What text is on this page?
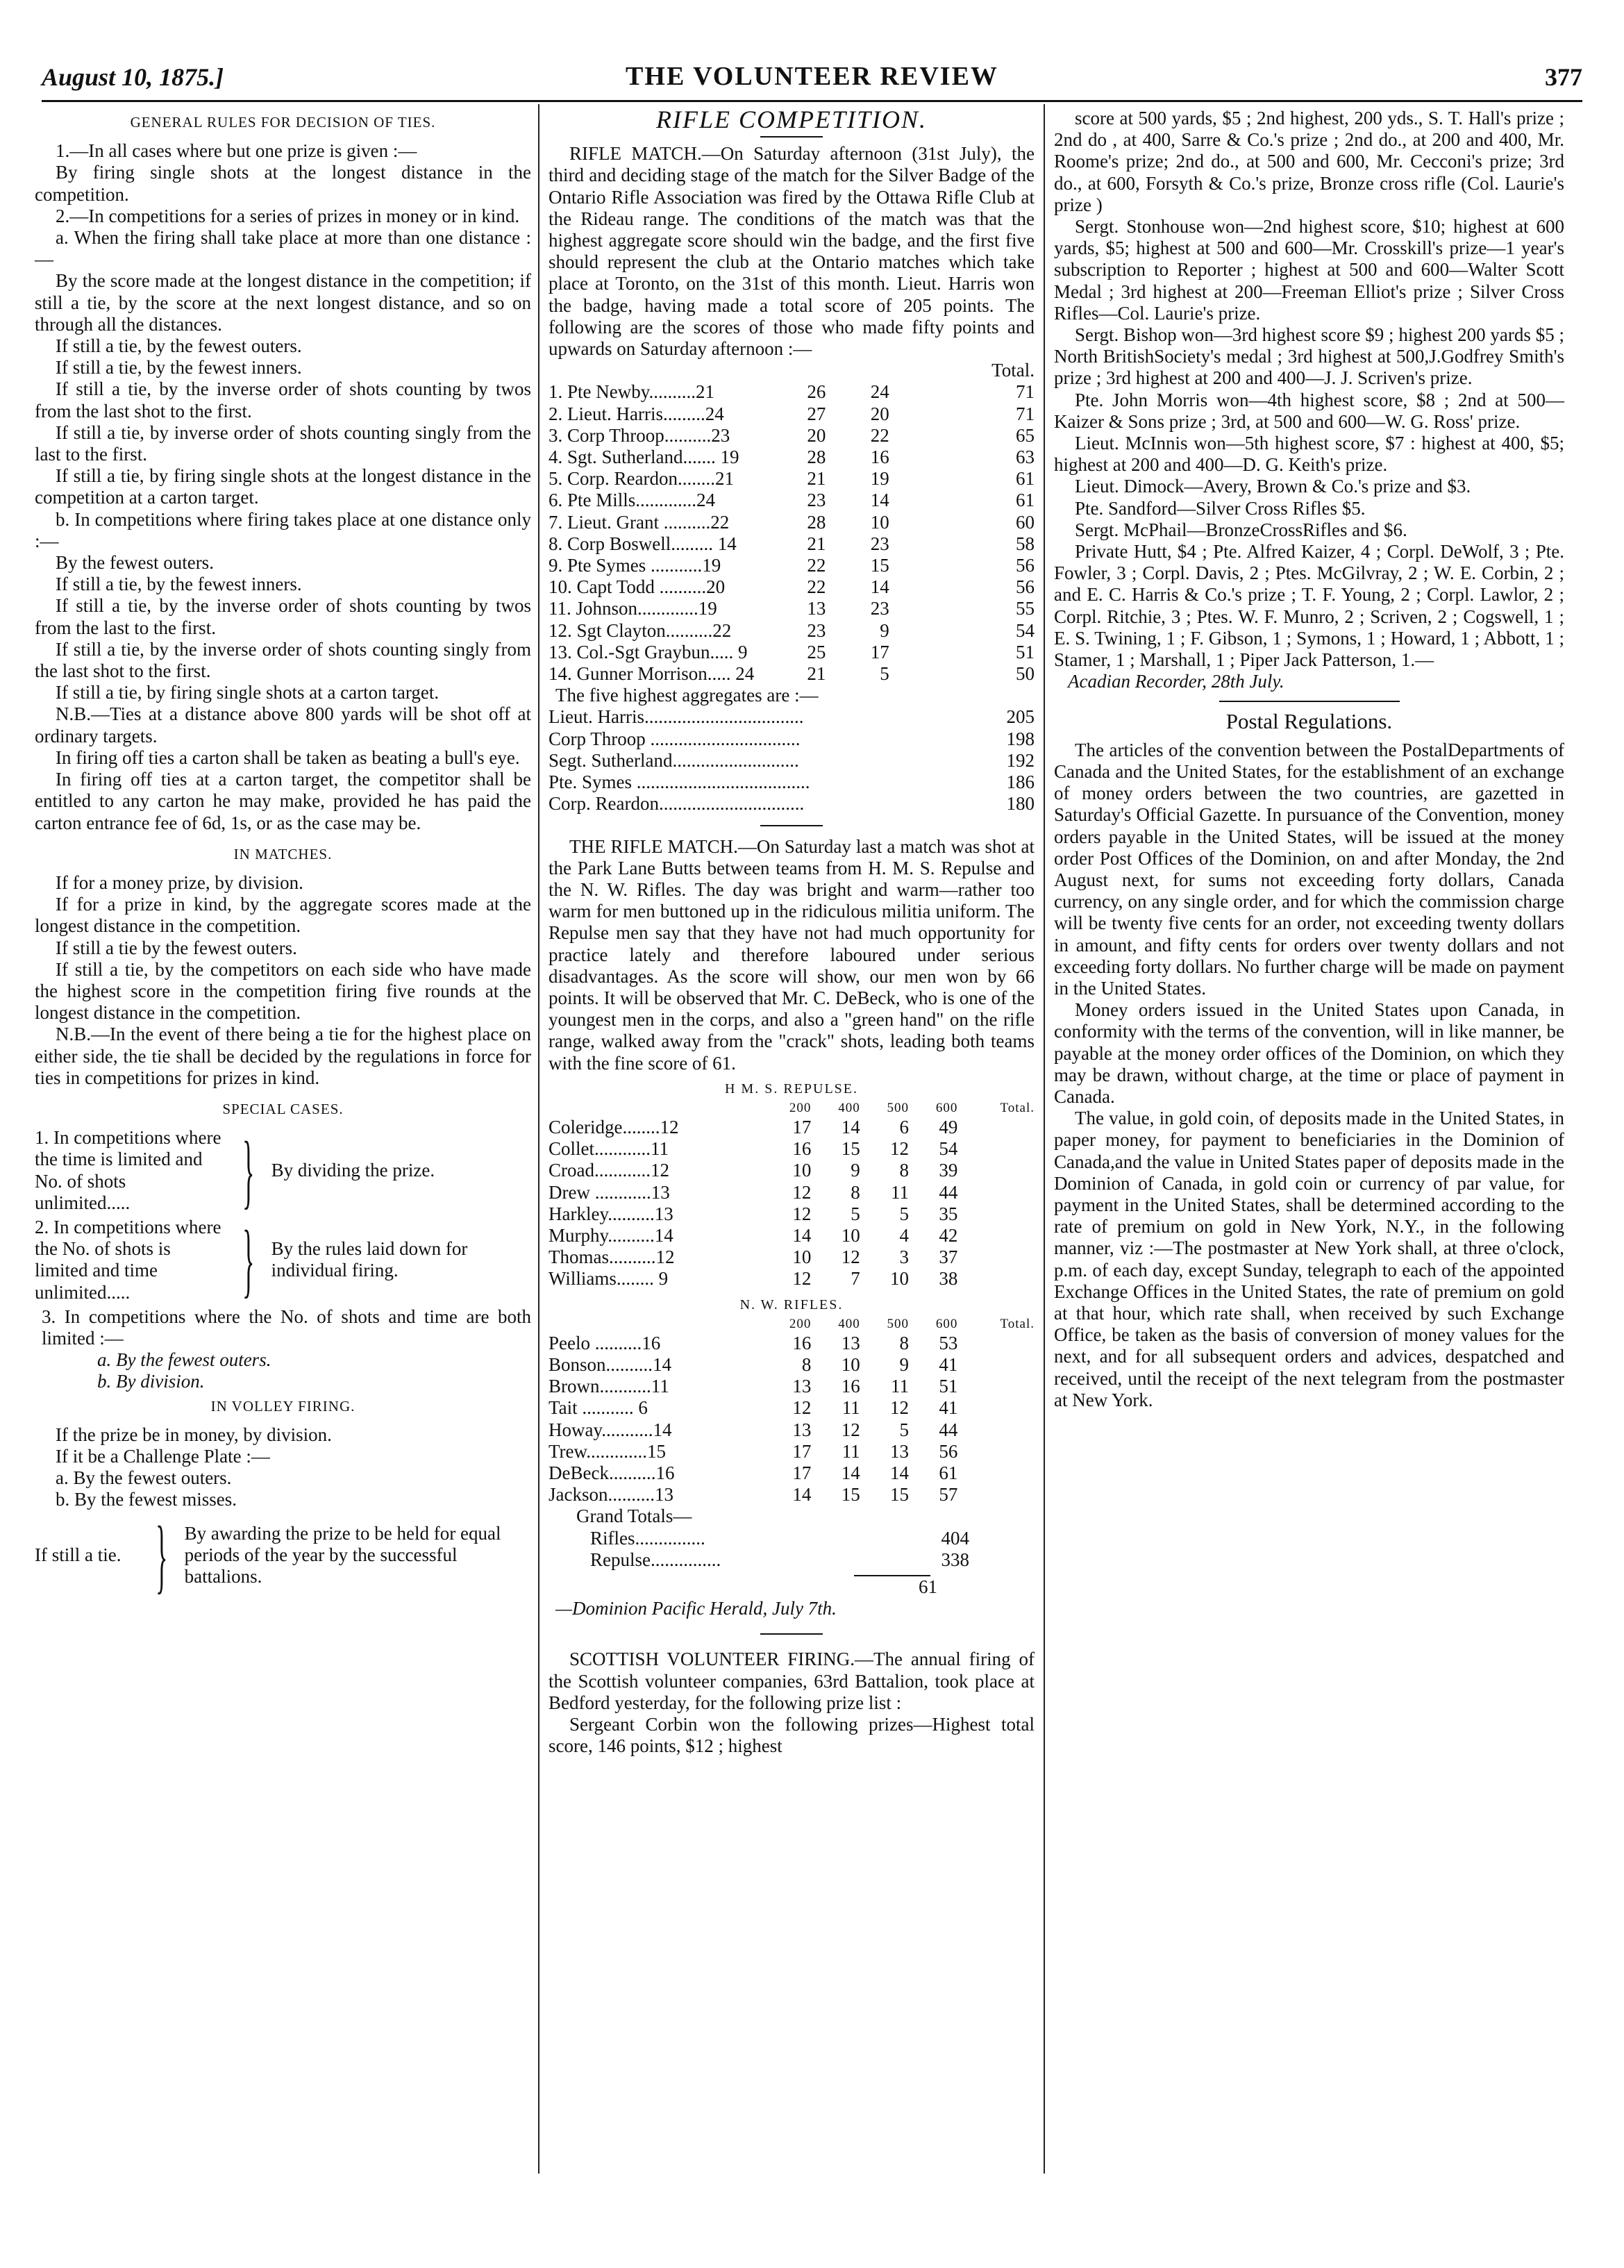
August 10, 1875.]	THE VOLUNTEER REVIEW	377

GENERAL RULES FOR DECISION OF TIES.

1.—In all cases where but one prize is given :—

By firing single shots at the longest distance in the competition.

2.—In competitions for a series of prizes in money or in kind.

a. When the firing shall take place at more than one distance :—

By the score made at the longest distance in the competition; if still a tie, by the score at the next longest distance, and so on through all the distances.

If still a tie, by the fewest outers.

If still a tie, by the fewest inners.

If still a tie, by the inverse order of shots counting by twos from the last shot to the first.

If still a tie, by inverse order of shots counting singly from the last to the first.

If still a tie, by firing single shots at the longest distance in the competition at a carton target.

b. In competitions where firing takes place at one distance only :—

By the fewest outers.

If still a tie, by the fewest inners.

If still a tie, by the inverse order of shots counting by twos from the last to the first.

If still a tie, by the inverse order of shots counting singly from the last shot to the first.

If still a tie, by firing single shots at a carton target.

N.B.—Ties at a distance above 800 yards will be shot off at ordinary targets.

In firing off ties a carton shall be taken as beating a bull's eye.

In firing off ties at a carton target, the competitor shall be entitled to any carton he may make, provided he has paid the carton entrance fee of 6d, 1s, or as the case may be.

IN MATCHES.

If for a money prize, by division.

If for a prize in kind, by the aggregate scores made at the longest distance in the competition.

If still a tie by the fewest outers.

If still a tie, by the competitors on each side who have made the highest score in the competition firing five rounds at the longest distance in the competition.

N.B.—In the event of there being a tie for the highest place on either side, the tie shall be decided by the regulations in force for ties in competitions for prizes in kind.

SPECIAL CASES.

1. In competitions where the time is limited and No. of shots unlimited.....	} By dividing the prize.
2. In competitions where the No. of shots is limited and time unlimited.....	} By the rules laid down for individual firing.

3. In competitions where the No. of shots and time are both limited :—

a. By the fewest outers.

b. By division.

IN VOLLEY FIRING.

If the prize be in money, by division.

If it be a Challenge Plate :—

a. By the fewest outers.

b. By the fewest misses.

If still a tie. } By awarding the prize to be held for equal periods of the year by the successful battalions.

RIFLE COMPETITION.

RIFLE MATCH.—On Saturday afternoon (31st July), the third and deciding stage of the match for the Silver Badge of the Ontario Rifle Association was fired by the Ottawa Rifle Club at the Rideau range. The conditions of the match was that the highest aggregate score should win the badge, and the first five should represent the club at the Ontario matches which take place at Toronto, on the 31st of this month. Lieut. Harris won the badge, having made a total score of 205 points. The following are the scores of those who made fifty points and upwards on Saturday afternoon :—

			Total.
1. Pte Newby..........21	26	24	71
2. Lieut. Harris.........24	27	20	71
3. Corp Throop..........23	20	22	65
4. Sgt. Sutherland....... 19	28	16	63
5. Corp. Reardon........21	21	19	61
6. Pte Mills.............24	23	14	61
7. Lieut. Grant ..........22	28	10	60
8. Corp Boswell......... 14	21	23	58
9. Pte Symes ...........19	22	15	56
10. Capt Todd ..........20	22	14	56
11. Johnson.............19	13	23	55
12. Sgt Clayton..........22	23	9	54
13. Col.-Sgt Graybun..... 9	25	17	51
14. Gunner Morrison..... 24	21	5	50

The five highest aggregates are :—

Lieut. Harris..................................	205
Corp Throop ................................	198
Segt. Sutherland...........................	192
Pte. Symes .....................................	186
Corp. Reardon...............................	180

THE RIFLE MATCH.—On Saturday last a match was shot at the Park Lane Butts between teams from H. M. S. Repulse and the N. W. Rifles. The day was bright and warm—rather too warm for men buttoned up in the ridiculous militia uniform. The Repulse men say that they have not had much opportunity for practice lately and therefore laboured under serious disadvantages. As the score will show, our men won by 66 points. It will be observed that Mr. C. DeBeck, who is one of the youngest men in the corps, and also a "green hand" on the rifle range, walked away from the "crack" shots, leading both teams with the fine score of 61.

H M. S. REPULSE.

	200	400	500	600	Total.
Coleridge........12	17	14	6	49	
Collet............11	16	15	12	54	
Croad............12	10	9	8	39	
Drew ............13	12	8	11	44	
Harkley..........13	12	5	5	35	
Murphy..........14	14	10	4	42	
Thomas..........12	10	12	3	37	
Williams........ 9	12	7	10	38	

N. W. RIFLES.

	200	400	500	600	Total.
Peelo ..........16	16	13	8	53	
Bonson..........14	8	10	9	41	
Brown...........11	13	16	11	51	
Tait ........... 6	12	11	12	41	
Howay...........14	13	12	5	44	
Trew.............15	17	11	13	56	
DeBeck..........16	17	14	14	61	
Jackson..........13	14	15	15	57	

Grand Totals—

Rifles...............	404
Repulse...............	338

61

—Dominion Pacific Herald, July 7th.

SCOTTISH VOLUNTEER FIRING.—The annual firing of the Scottish volunteer companies, 63rd Battalion, took place at Bedford yesterday, for the following prize list :

Sergeant Corbin won the following prizes—Highest total score, 146 points, $12 ; highest

score at 500 yards, $5 ; 2nd highest, 200 yds., S. T. Hall's prize ; 2nd do , at 400, Sarre & Co.'s prize ; 2nd do., at 200 and 400, Mr. Roome's prize; 2nd do., at 500 and 600, Mr. Cecconi's prize; 3rd do., at 600, Forsyth & Co.'s prize, Bronze cross rifle (Col. Laurie's prize )

Sergt. Stonhouse won—2nd highest score, $10; highest at 600 yards, $5; highest at 500 and 600—Mr. Crosskill's prize—1 year's subscription to Reporter ; highest at 500 and 600—Walter Scott Medal ; 3rd highest at 200—Freeman Elliot's prize ; Silver Cross Rifles—Col. Laurie's prize.

Sergt. Bishop won—3rd highest score $9 ; highest 200 yards $5 ; North BritishSociety's medal ; 3rd highest at 500,J.Godfrey Smith's prize ; 3rd highest at 200 and 400—J. J. Scriven's prize.

Pte. John Morris won—4th highest score, $8 ; 2nd at 500—Kaizer & Sons prize ; 3rd, at 500 and 600—W. G. Ross' prize.

Lieut. McInnis won—5th highest score, $7 : highest at 400, $5; highest at 200 and 400—D. G. Keith's prize.

Lieut. Dimock—Avery, Brown & Co.'s prize and $3.

Pte. Sandford—Silver Cross Rifles $5.

Sergt. McPhail—BronzeCrossRifles and $6.

Private Hutt, $4 ; Pte. Alfred Kaizer, 4 ; Corpl. DeWolf, 3 ; Pte. Fowler, 3 ; Corpl. Davis, 2 ; Ptes. McGilvray, 2 ; W. E. Corbin, 2 ; and E. C. Harris & Co.'s prize ; T. F. Young, 2 ; Corpl. Lawlor, 2 ; Corpl. Ritchie, 3 ; Ptes. W. F. Munro, 2 ; Scriven, 2 ; Cogswell, 1 ; E. S. Twining, 1 ; F. Gibson, 1 ; Symons, 1 ; Howard, 1 ; Abbott, 1 ; Stamer, 1 ; Marshall, 1 ; Piper Jack Patterson, 1.—

Acadian Recorder, 28th July.

Postal Regulations.

The articles of the convention between the PostalDepartments of Canada and the United States, for the establishment of an exchange of money orders between the two countries, are gazetted in Saturday's Official Gazette. In pursuance of the Convention, money orders payable in the United States, will be issued at the money order Post Offices of the Dominion, on and after Monday, the 2nd August next, for sums not exceeding forty dollars, Canada currency, on any single order, and for which the commission charge will be twenty five cents for an order, not exceeding twenty dollars in amount, and fifty cents for orders over twenty dollars and not exceeding forty dollars. No further charge will be made on payment in the United States.

Money orders issued in the United States upon Canada, in conformity with the terms of the convention, will in like manner, be payable at the money order offices of the Dominion, on which they may be drawn, without charge, at the time or place of payment in Canada.

The value, in gold coin, of deposits made in the United States, in paper money, for payment to beneficiaries in the Dominion of Canada,and the value in United States paper of deposits made in the Dominion of Canada, in gold coin or currency of par value, for payment in the United States, shall be determined according to the rate of premium on gold in New York, N.Y., in the following manner, viz :—The postmaster at New York shall, at three o'clock, p.m. of each day, except Sunday, telegraph to each of the appointed Exchange Offices in the United States, the rate of premium on gold at that hour, which rate shall, when received by such Exchange Office, be taken as the basis of conversion of money values for the next, and for all subsequent orders and advices, despatched and received, until the receipt of the next telegram from the postmaster at New York.
